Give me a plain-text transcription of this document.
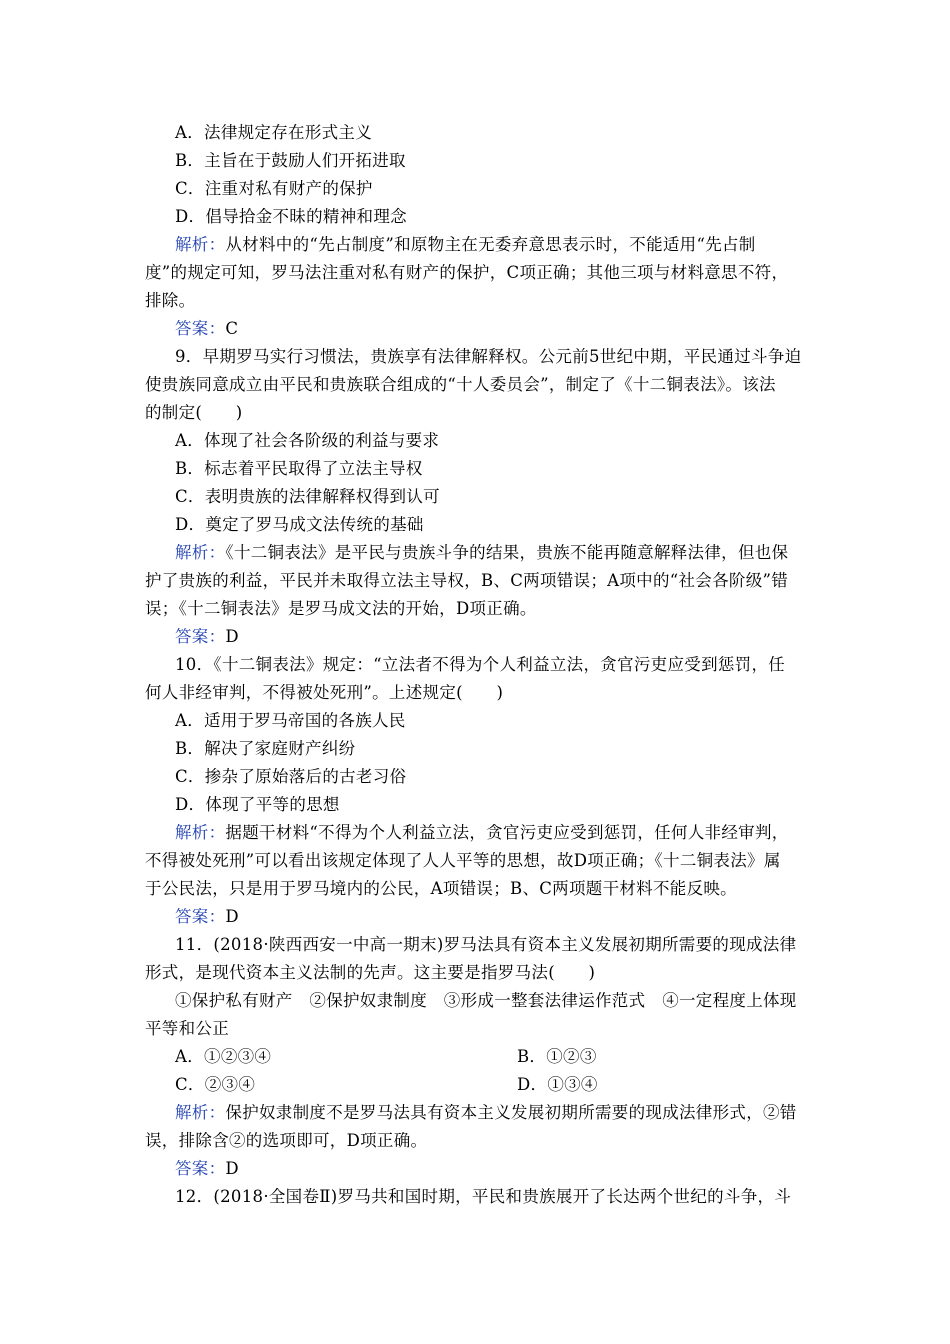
A．法律规定存在形式主义
B．主旨在于鼓励人们开拓进取
C．注重对私有财产的保护
D．倡导拾金不昧的精神和理念
解析：从材料中的“先占制度”和原物主在无委弃意思表示时，不能适用“先占制
度”的规定可知，罗马法注重对私有财产的保护，C项正确；其他三项与材料意思不符，
排除。
答案：C
9．早期罗马实行习惯法，贵族享有法律解释权。公元前5世纪中期，平民通过斗争迫
使贵族同意成立由平民和贵族联合组成的“十人委员会”，制定了《十二铜表法》。该法
的制定(　　)
A．体现了社会各阶级的利益与要求
B．标志着平民取得了立法主导权
C．表明贵族的法律解释权得到认可
D．奠定了罗马成文法传统的基础
解析：《十二铜表法》是平民与贵族斗争的结果，贵族不能再随意解释法律，但也保
护了贵族的利益，平民并未取得立法主导权，B、C两项错误；A项中的“社会各阶级”错
误；《十二铜表法》是罗马成文法的开始，D项正确。
答案：D
10．《十二铜表法》规定：“立法者不得为个人利益立法，贪官污吏应受到惩罚，任
何人非经审判，不得被处死刑”。上述规定(　　)
A．适用于罗马帝国的各族人民
B．解决了家庭财产纠纷
C．掺杂了原始落后的古老习俗
D．体现了平等的思想
解析：据题干材料“不得为个人利益立法，贪官污吏应受到惩罚，任何人非经审判，
不得被处死刑”可以看出该规定体现了人人平等的思想，故D项正确；《十二铜表法》属
于公民法，只是用于罗马境内的公民，A项错误；B、C两项题干材料不能反映。
答案：D
11．(2018·陕西西安一中高一期末)罗马法具有资本主义发展初期所需要的现成法律
形式，是现代资本主义法制的先声。这主要是指罗马法(　　)
①保护私有财产　②保护奴隶制度　③形成一整套法律运作范式　④一定程度上体现
平等和公正
A．①②③④	B．①②③
C．②③④	D．①③④
解析：保护奴隶制度不是罗马法具有资本主义发展初期所需要的现成法律形式，②错
误，排除含②的选项即可，D项正确。
答案：D
12．(2018·全国卷Ⅱ)罗马共和国时期，平民和贵族展开了长达两个世纪的斗争，斗
